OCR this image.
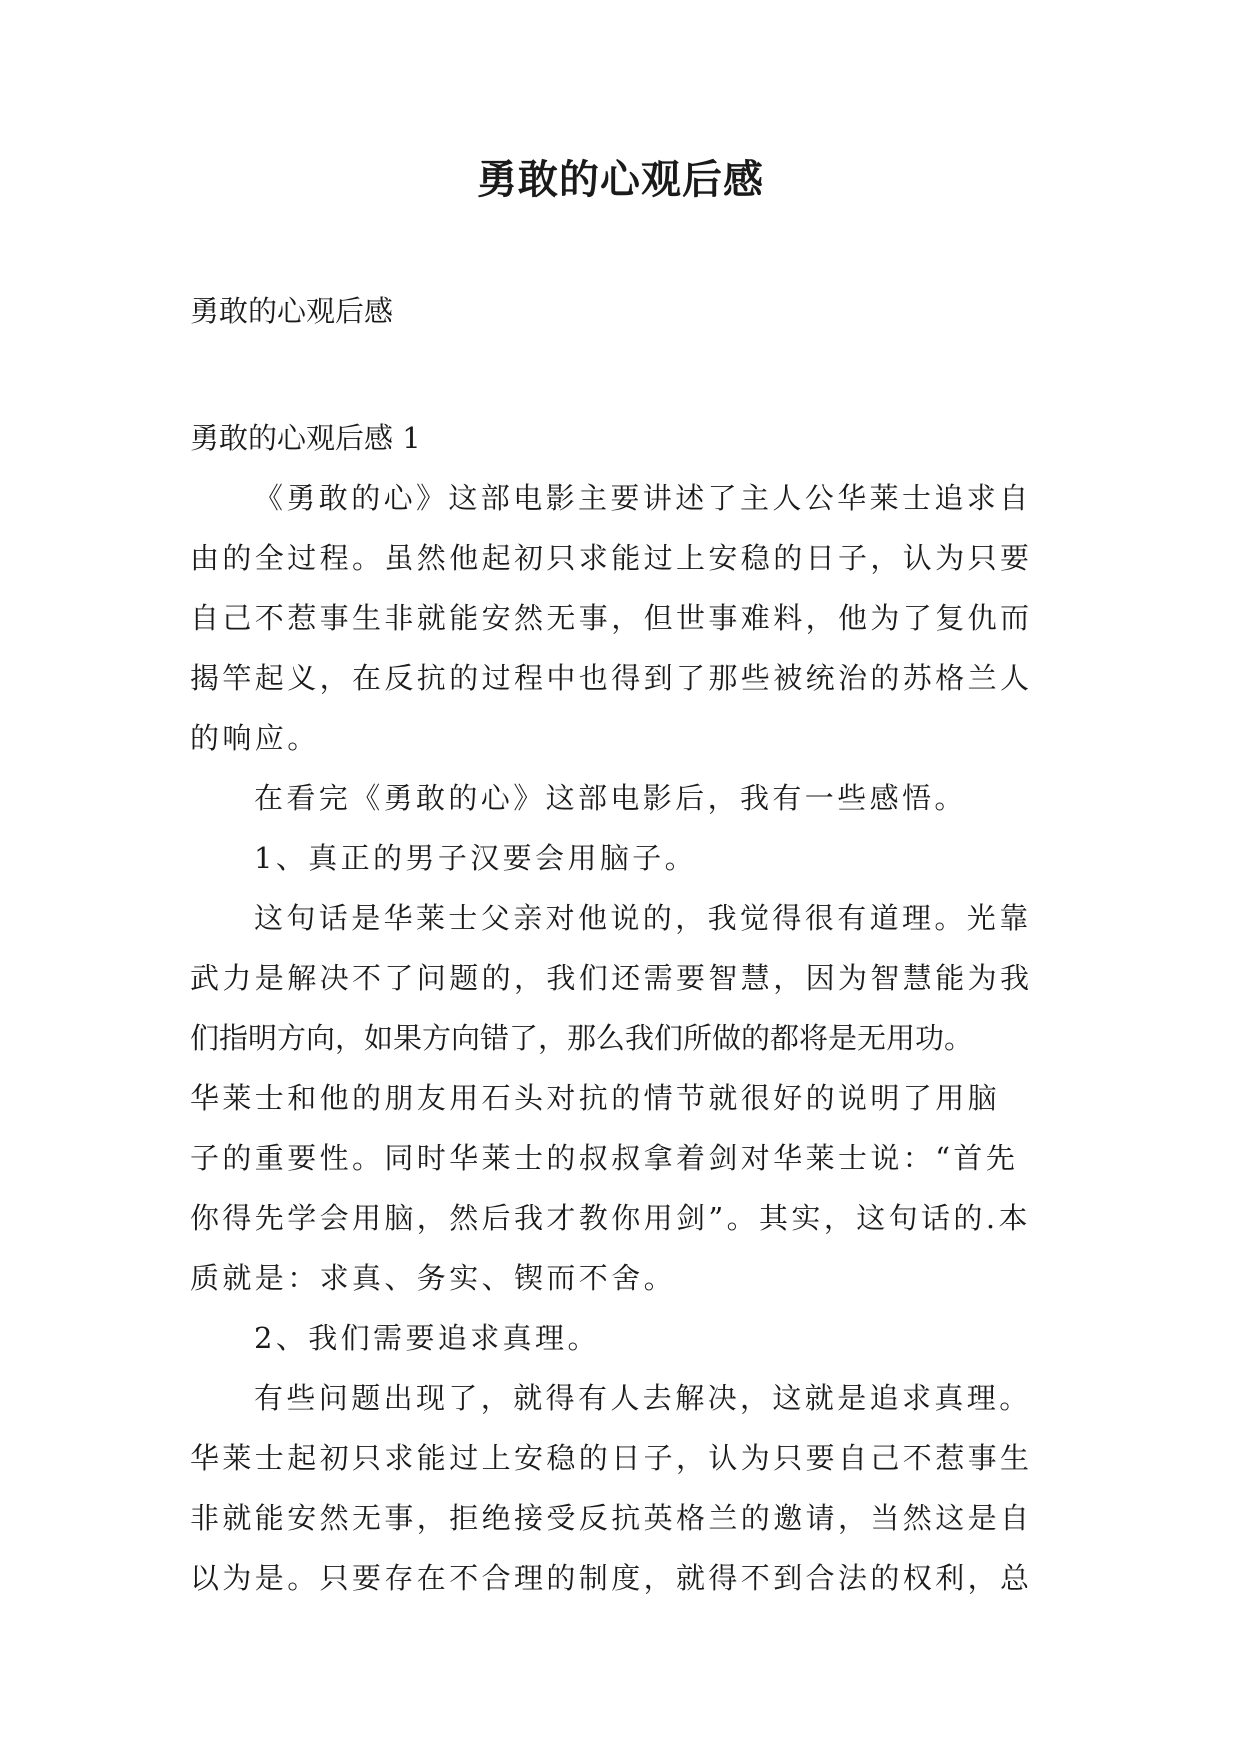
勇敢的心观后感

勇敢的心观后感

勇敢的心观后感 1

《勇敢的心》这部电影主要讲述了主人公华莱士追求自

由的全过程。虽然他起初只求能过上安稳的日子，认为只要

自己不惹事生非就能安然无事，但世事难料，他为了复仇而

揭竿起义，在反抗的过程中也得到了那些被统治的苏格兰人

的响应。

在看完《勇敢的心》这部电影后，我有一些感悟。

1、真正的男子汉要会用脑子。

这句话是华莱士父亲对他说的，我觉得很有道理。光靠

武力是解决不了问题的，我们还需要智慧，因为智慧能为我

们指明方向，如果方向错了，那么我们所做的都将是无用功。

华莱士和他的朋友用石头对抗的情节就很好的说明了用脑

子的重要性。同时华莱士的叔叔拿着剑对华莱士说：“首先

你得先学会用脑，然后我才教你用剑”。其实，这句话的.本

质就是：求真、务实、锲而不舍。

2、我们需要追求真理。

有些问题出现了，就得有人去解决，这就是追求真理。

华莱士起初只求能过上安稳的日子，认为只要自己不惹事生

非就能安然无事，拒绝接受反抗英格兰的邀请，当然这是自

以为是。只要存在不合理的制度，就得不到合法的权利，总
